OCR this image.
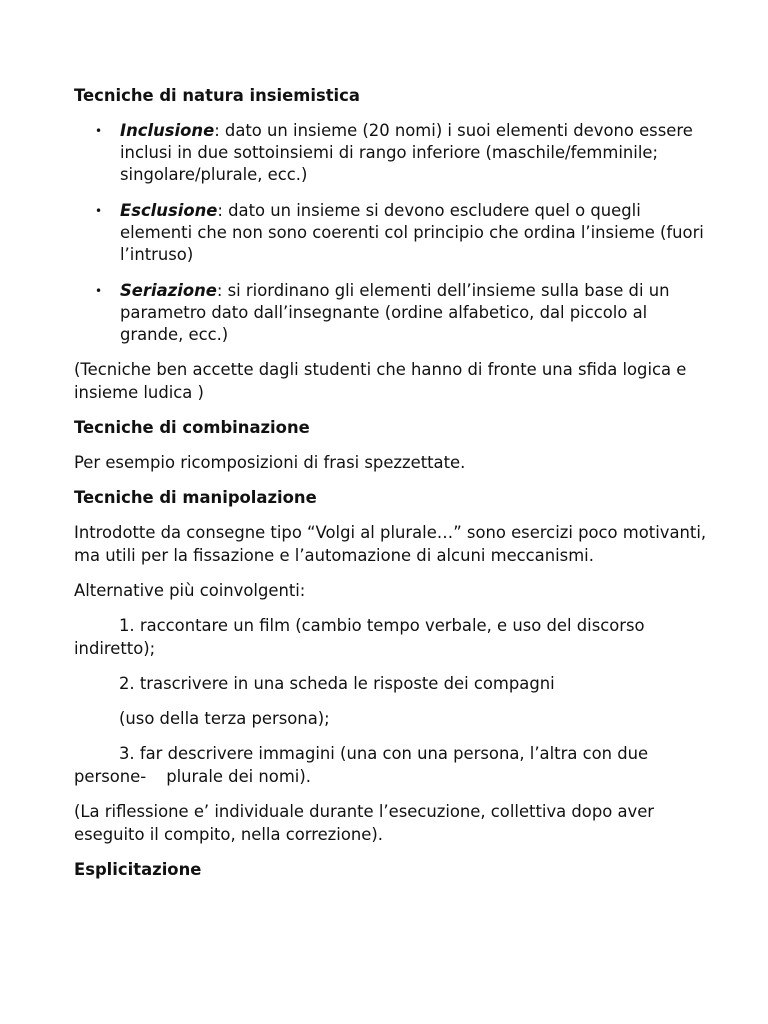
Tecniche di natura insiemistica

• Inclusione: dato un insieme (20 nomi) i suoi elementi devono essere inclusi in due sottoinsiemi di rango inferiore (maschile/femminile; singolare/plurale, ecc.)
• Esclusione: dato un insieme si devono escludere quel o quegli elementi che non sono coerenti col principio che ordina l’insieme (fuori l’intruso)
• Seriazione: si riordinano gli elementi dell’insieme sulla base di un parametro dato dall’insegnante (ordine alfabetico, dal piccolo al grande, ecc.)

(Tecniche ben accette dagli studenti che hanno di fronte una sfida logica e insieme ludica )

Tecniche di combinazione

Per esempio ricomposizioni di frasi spezzettate.

Tecniche di manipolazione

Introdotte da consegne tipo “Volgi al plurale…” sono esercizi poco motivanti, ma utili per la fissazione e l’automazione di alcuni meccanismi.

Alternative più coinvolgenti:

1. raccontare un film (cambio tempo verbale, e uso del discorso indiretto);

2. trascrivere in una scheda le risposte dei compagni

(uso della terza persona);

3. far descrivere immagini (una con una persona, l’altra con due persone- plurale dei nomi).

(La riflessione e’ individuale durante l’esecuzione, collettiva dopo aver eseguito il compito, nella correzione).

Esplicitazione
